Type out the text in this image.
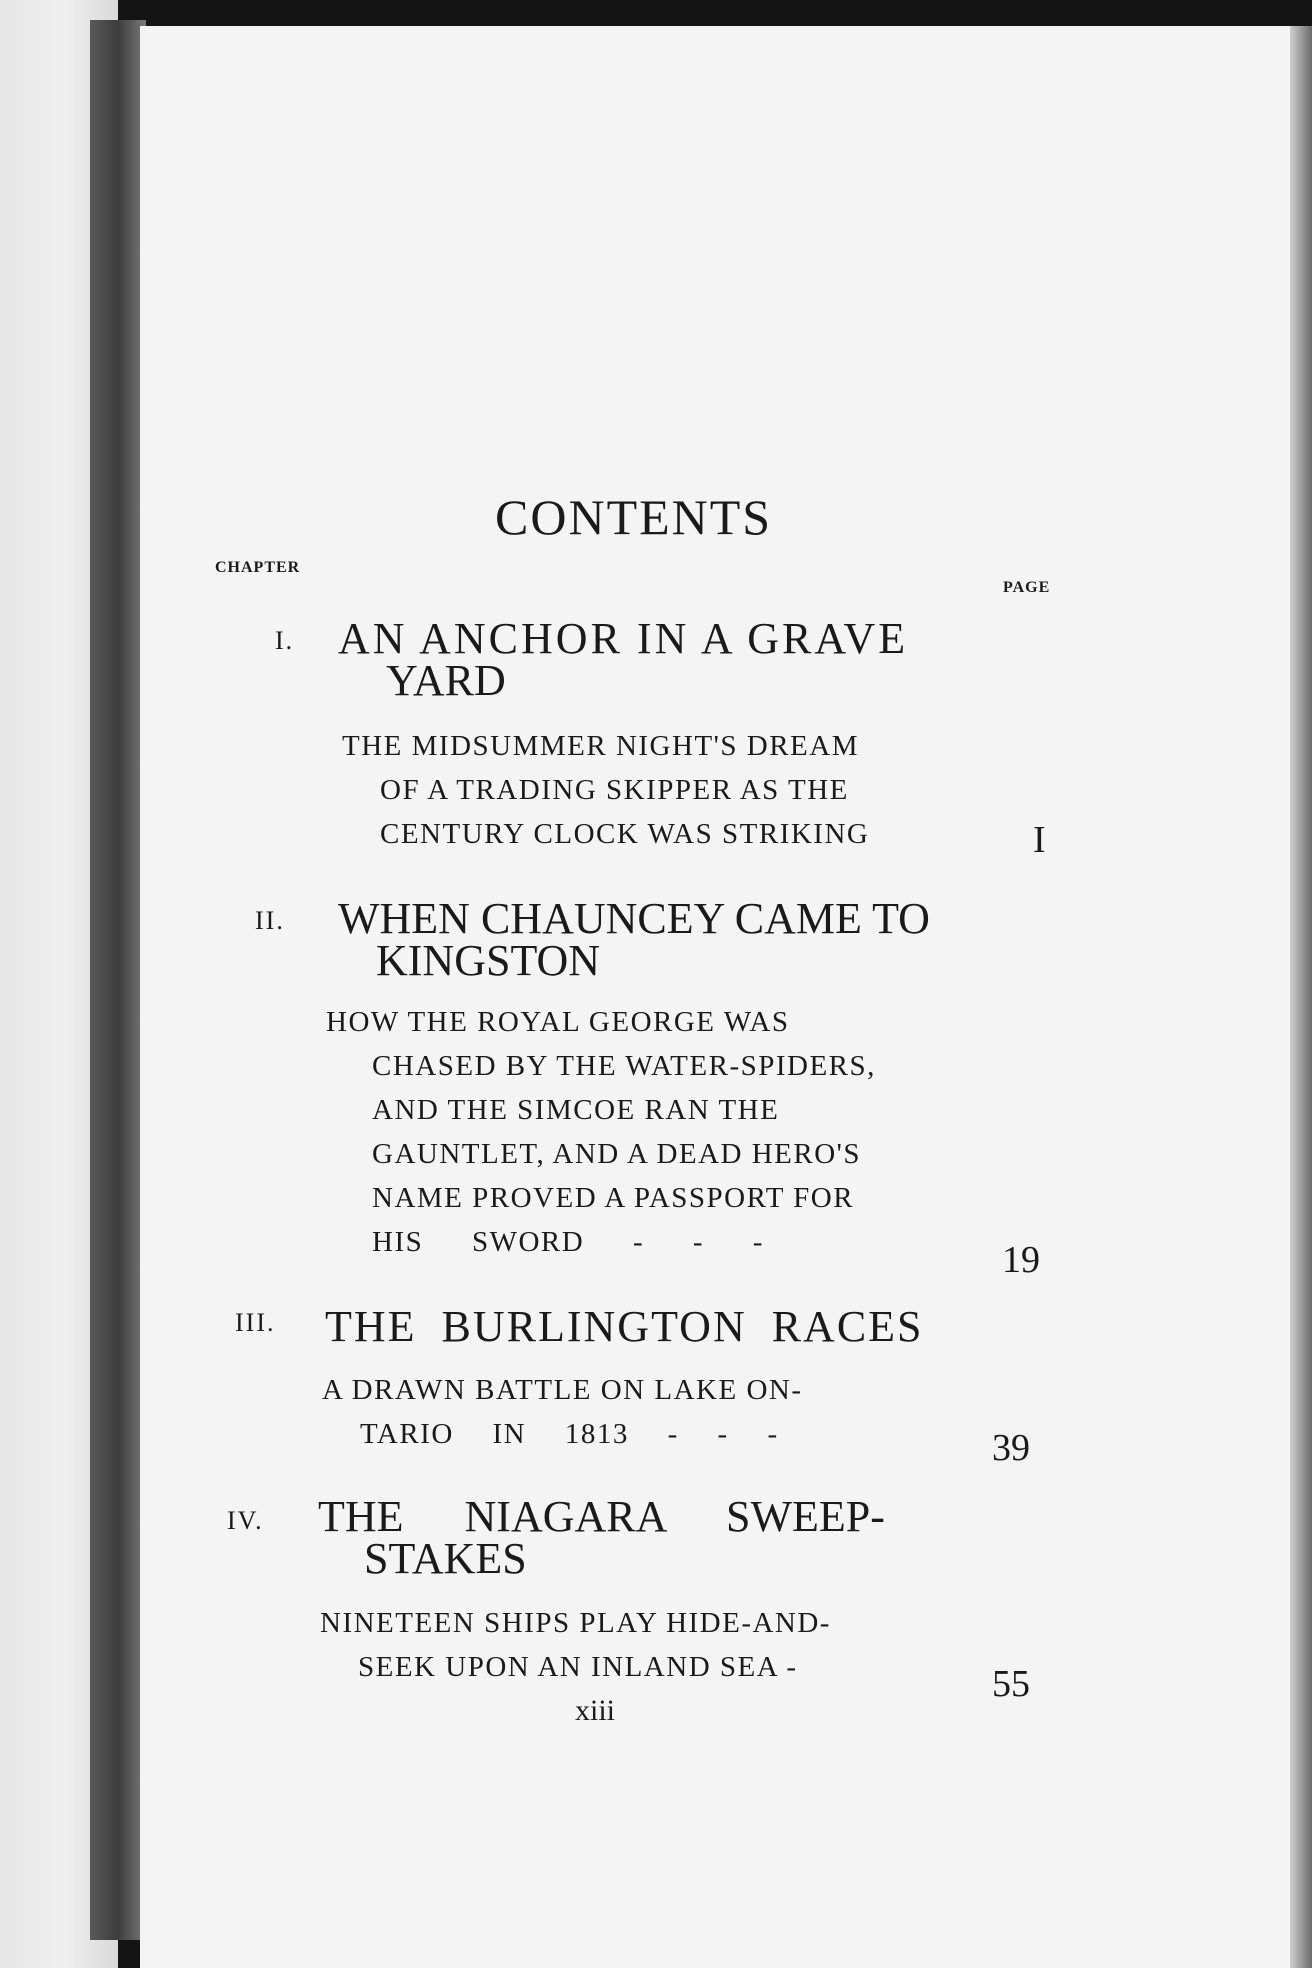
CONTENTS
CHAPTER
PAGE
I. AN ANCHOR IN A GRAVE
YARD
THE MIDSUMMER NIGHT'S DREAM
OF A TRADING SKIPPER AS THE
CENTURY CLOCK WAS STRIKING	I
II. WHEN CHAUNCEY CAME TO
KINGSTON
HOW THE ROYAL GEORGE WAS
CHASED BY THE WATER-SPIDERS,
AND THE SIMCOE RAN THE
GAUNTLET, AND A DEAD HERO'S
NAME PROVED A PASSPORT FOR
HIS SWORD - - -	19
III. THE BURLINGTON RACES
A DRAWN BATTLE ON LAKE ON-
TARIO IN 1813 - - -	39
IV. THE NIAGARA SWEEP-
STAKES
NINETEEN SHIPS PLAY HIDE-AND-
SEEK UPON AN INLAND SEA -	55
xiii
